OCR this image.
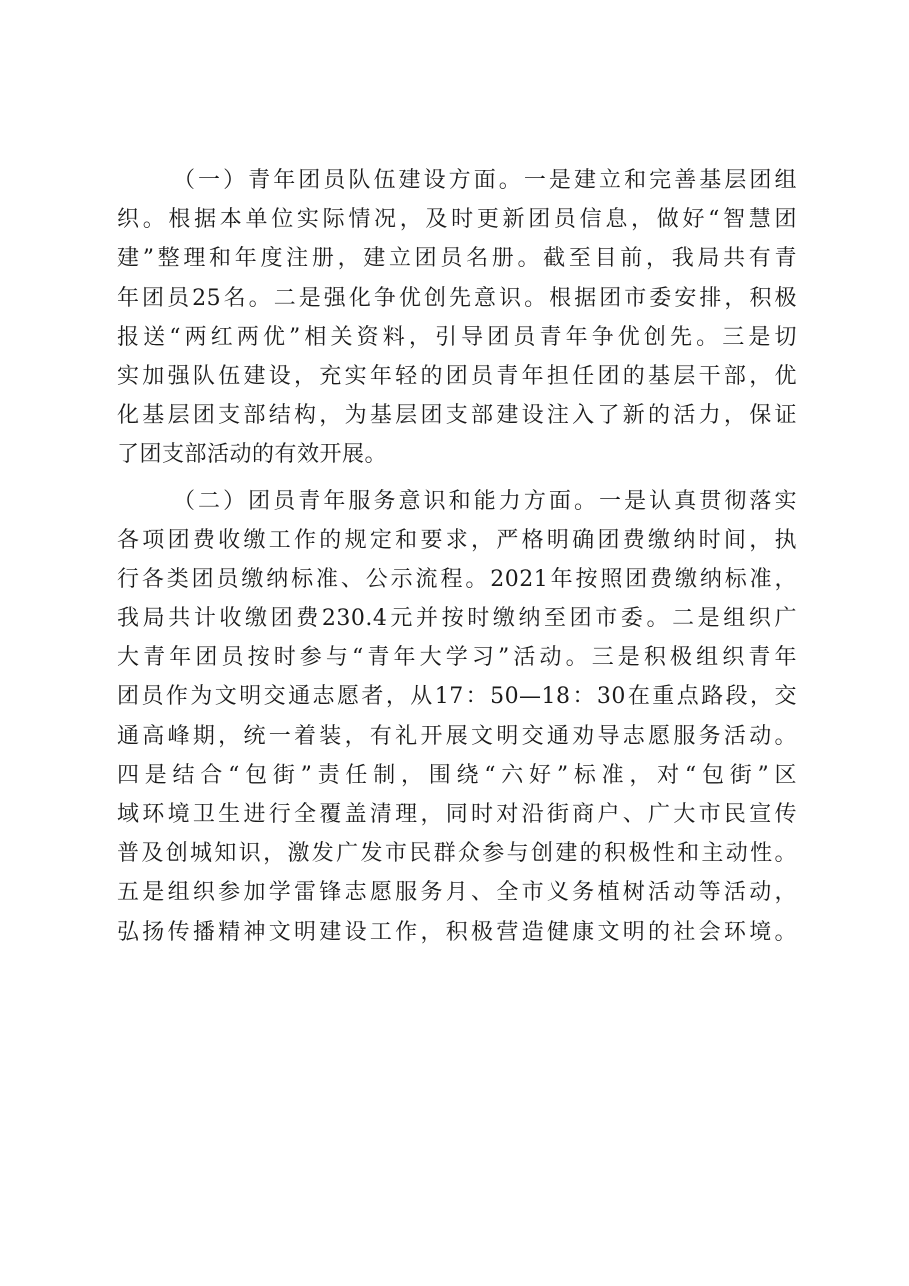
（一）青年团员队伍建设方面。一是建立和完善基层团组
织。根据本单位实际情况，及时更新团员信息，做好“智慧团
建”整理和年度注册，建立团员名册。截至目前，我局共有青
年团员25名。二是强化争优创先意识。根据团市委安排，积极
报送“两红两优”相关资料，引导团员青年争优创先。三是切
实加强队伍建设，充实年轻的团员青年担任团的基层干部，优
化基层团支部结构，为基层团支部建设注入了新的活力，保证
了团支部活动的有效开展。
（二）团员青年服务意识和能力方面。一是认真贯彻落实
各项团费收缴工作的规定和要求，严格明确团费缴纳时间，执
行各类团员缴纳标准、公示流程。2021年按照团费缴纳标准，
我局共计收缴团费230.4元并按时缴纳至团市委。二是组织广
大青年团员按时参与“青年大学习”活动。三是积极组织青年
团员作为文明交通志愿者，从17：50—18：30在重点路段，交
通高峰期，统一着装，有礼开展文明交通劝导志愿服务活动。
四是结合“包街”责任制，围绕“六好”标准，对“包街”区
域环境卫生进行全覆盖清理，同时对沿街商户、广大市民宣传
普及创城知识，激发广发市民群众参与创建的积极性和主动性。
五是组织参加学雷锋志愿服务月、全市义务植树活动等活动，
弘扬传播精神文明建设工作，积极营造健康文明的社会环境。
